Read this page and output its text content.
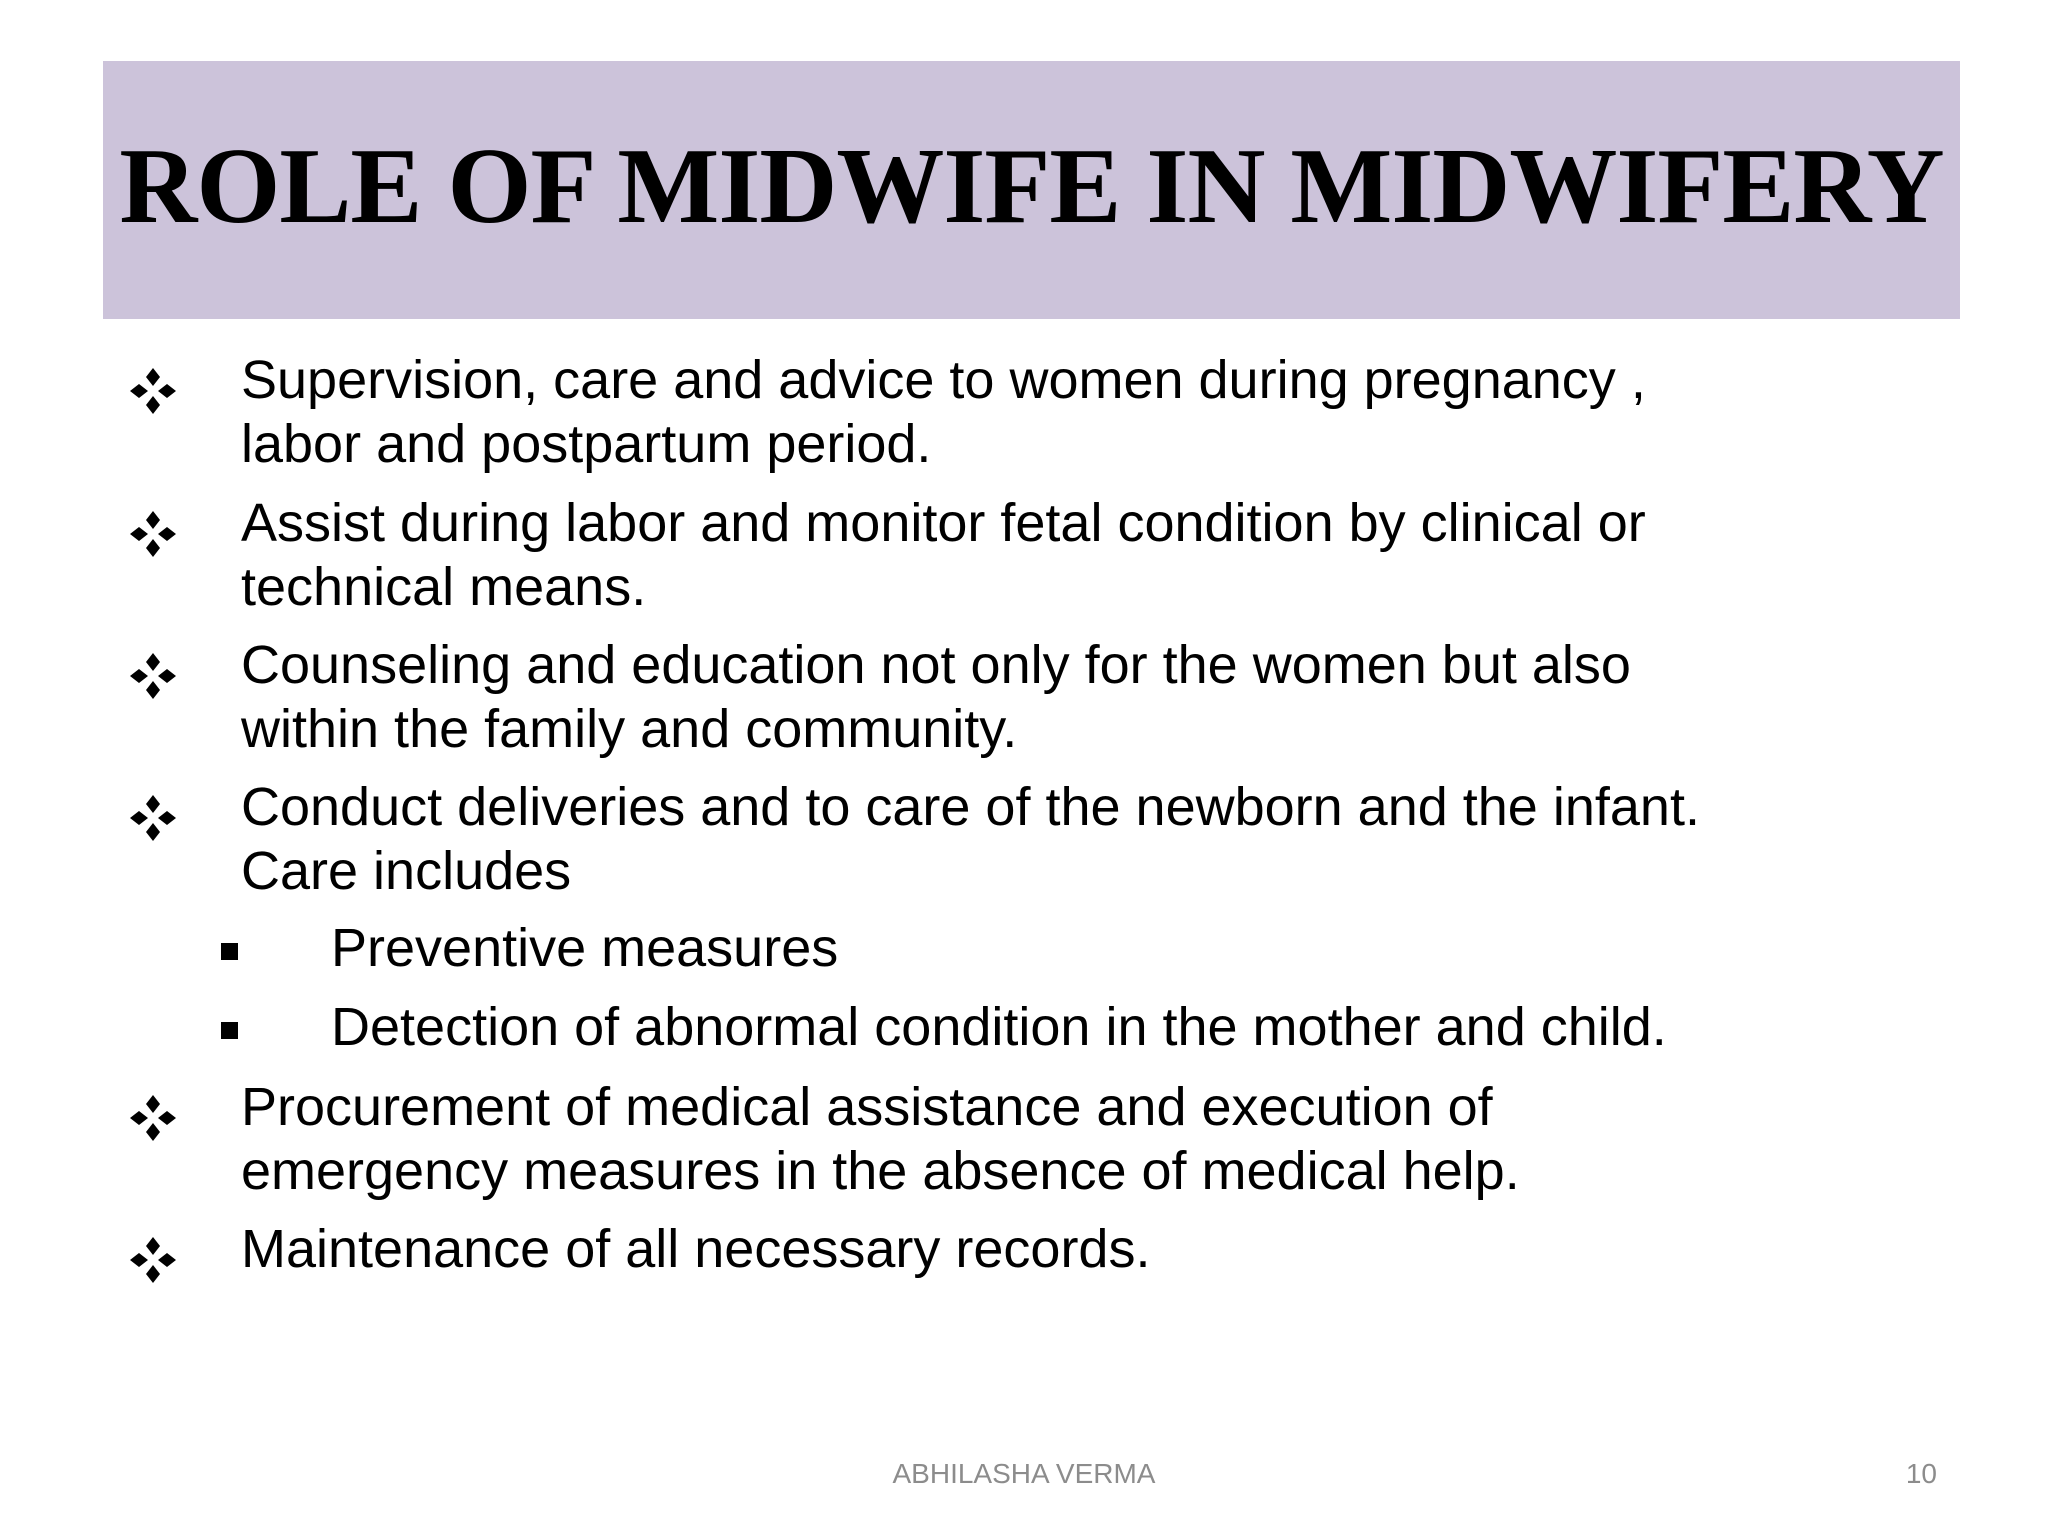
ROLE OF MIDWIFE IN MIDWIFERY
Supervision, care and advice to women during pregnancy ,
labor and postpartum period.
Assist during labor and monitor fetal condition by clinical or
technical means.
Counseling and education not only for the women but also
within the family and community.
Conduct deliveries and to care of the newborn and the infant.
Care includes
Preventive measures
Detection of abnormal condition in the mother and child.
Procurement of medical assistance and execution of
emergency measures in the absence of medical help.
Maintenance of all necessary records.
ABHILASHA VERMA	10
